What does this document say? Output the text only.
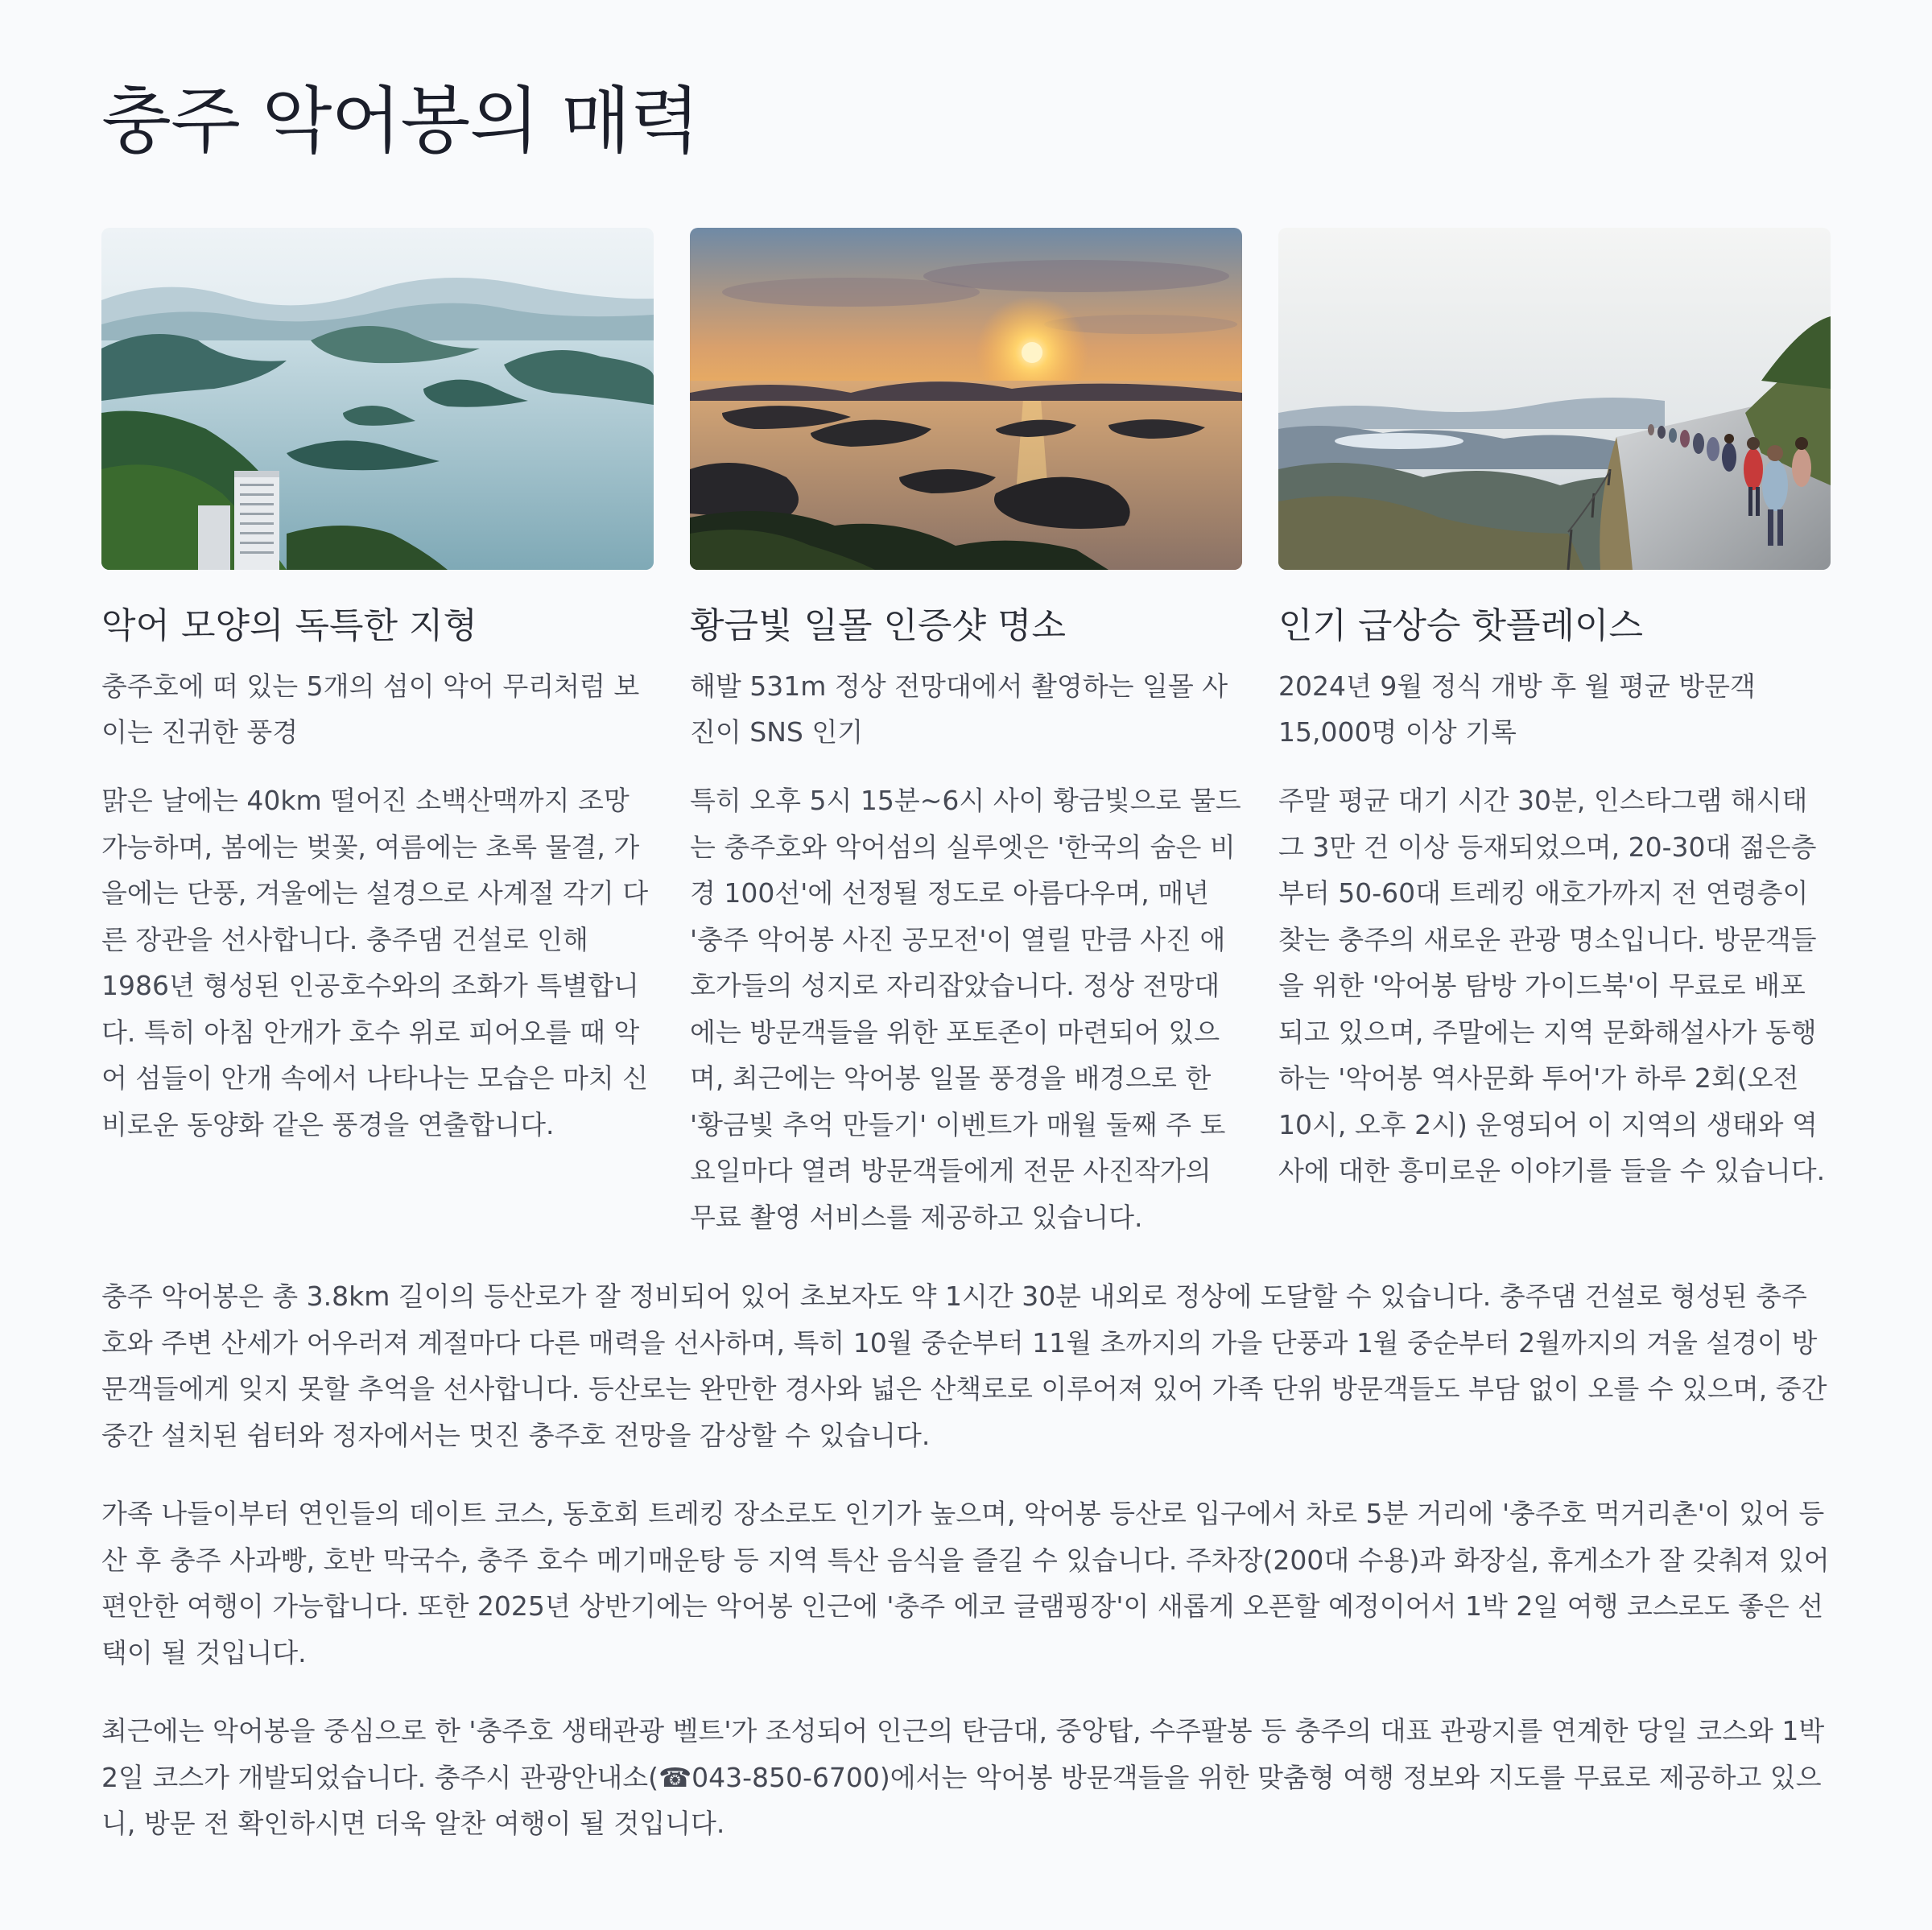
충주 악어봉의 매력
악어 모양의 독특한 지형

충주호에 떠 있는 5개의 섬이 악어 무리처럼 보이는 진귀한 풍경

맑은 날에는 40km 떨어진 소백산맥까지 조망 가능하며, 봄에는 벚꽃, 여름에는 초록 물결, 가을에는 단풍, 겨울에는 설경으로 사계절 각기 다른 장관을 선사합니다. 충주댐 건설로 인해 1986년 형성된 인공호수와의 조화가 특별합니다. 특히 아침 안개가 호수 위로 피어오를 때 악어 섬들이 안개 속에서 나타나는 모습은 마치 신비로운 동양화 같은 풍경을 연출합니다.

황금빛 일몰 인증샷 명소

해발 531m 정상 전망대에서 촬영하는 일몰 사진이 SNS 인기

특히 오후 5시 15분~6시 사이 황금빛으로 물드는 충주호와 악어섬의 실루엣은 '한국의 숨은 비경 100선'에 선정될 정도로 아름다우며, 매년 '충주 악어봉 사진 공모전'이 열릴 만큼 사진 애호가들의 성지로 자리잡았습니다. 정상 전망대에는 방문객들을 위한 포토존이 마련되어 있으며, 최근에는 악어봉 일몰 풍경을 배경으로 한 '황금빛 추억 만들기' 이벤트가 매월 둘째 주 토요일마다 열려 방문객들에게 전문 사진작가의 무료 촬영 서비스를 제공하고 있습니다.

인기 급상승 핫플레이스

2024년 9월 정식 개방 후 월 평균 방문객 15,000명 이상 기록

주말 평균 대기 시간 30분, 인스타그램 해시태그 3만 건 이상 등재되었으며, 20-30대 젊은층부터 50-60대 트레킹 애호가까지 전 연령층이 찾는 충주의 새로운 관광 명소입니다. 방문객들을 위한 '악어봉 탐방 가이드북'이 무료로 배포되고 있으며, 주말에는 지역 문화해설사가 동행하는 '악어봉 역사문화 투어'가 하루 2회(오전 10시, 오후 2시) 운영되어 이 지역의 생태와 역사에 대한 흥미로운 이야기를 들을 수 있습니다.

충주 악어봉은 총 3.8km 길이의 등산로가 잘 정비되어 있어 초보자도 약 1시간 30분 내외로 정상에 도달할 수 있습니다. 충주댐 건설로 형성된 충주호와 주변 산세가 어우러져 계절마다 다른 매력을 선사하며, 특히 10월 중순부터 11월 초까지의 가을 단풍과 1월 중순부터 2월까지의 겨울 설경이 방문객들에게 잊지 못할 추억을 선사합니다. 등산로는 완만한 경사와 넓은 산책로로 이루어져 있어 가족 단위 방문객들도 부담 없이 오를 수 있으며, 중간 중간 설치된 쉼터와 정자에서는 멋진 충주호 전망을 감상할 수 있습니다.

가족 나들이부터 연인들의 데이트 코스, 동호회 트레킹 장소로도 인기가 높으며, 악어봉 등산로 입구에서 차로 5분 거리에 '충주호 먹거리촌'이 있어 등산 후 충주 사과빵, 호반 막국수, 충주 호수 메기매운탕 등 지역 특산 음식을 즐길 수 있습니다. 주차장(200대 수용)과 화장실, 휴게소가 잘 갖춰져 있어 편안한 여행이 가능합니다. 또한 2025년 상반기에는 악어봉 인근에 '충주 에코 글램핑장'이 새롭게 오픈할 예정이어서 1박 2일 여행 코스로도 좋은 선택이 될 것입니다.

최근에는 악어봉을 중심으로 한 '충주호 생태관광 벨트'가 조성되어 인근의 탄금대, 중앙탑, 수주팔봉 등 충주의 대표 관광지를 연계한 당일 코스와 1박 2일 코스가 개발되었습니다. 충주시 관광안내소(☎043-850-6700)에서는 악어봉 방문객들을 위한 맞춤형 여행 정보와 지도를 무료로 제공하고 있으니, 방문 전 확인하시면 더욱 알찬 여행이 될 것입니다.
